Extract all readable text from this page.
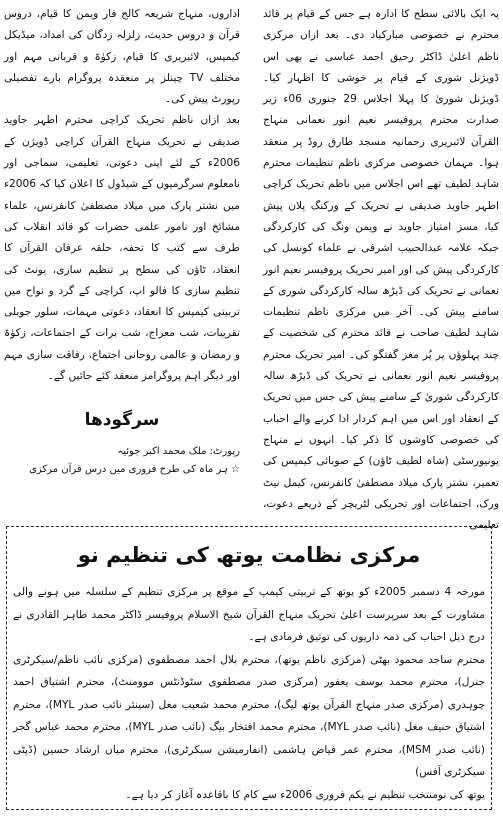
یہ ایک بالائی سطح کا ادارہ ہے جس کے قیام پر قائد محترم نے خصوصی مبارکباد دی۔ بعد ازاں مرکزی ناظم اعلیٰ ڈاکٹر رحیق احمد عباسی نے بھی اس ڈویژنل شوری کے قیام پر خوشی کا اظہار کیا۔ ڈویژنل شوریٰ کا پہلا اجلاس 29 جنوری 06ء زیر صدارت محترم پروفیسر نعیم انور نعمانی منہاج القرآن لائبریری رحمانیہ مسجد طارق روڈ پر منعقد ہوا۔ مہمان خصوصی مرکزی ناظم تنظیمات محترم شاہد لطیف تھے اس اجلاس میں ناظم تحریک کراچی اطہر جاوید صدیقی نے تحریک کے ورکنگ پلان پیش کیا، مسز امتیاز جاوید نے ویمن ونگ کی کارکردگی جبکہ علامہ عبدالحبیب اشرفی نے علماء کونسل کی کارکردگی پیش کی اور امیر تحریک پروفیسر نعیم انور نعمانی نے تحریک کی ڈیڑھ سالہ کارکردگی شوری کے سامنے پیش کی۔ آخر میں مرکزی ناظم تنظیمات شاہد لطیف صاحب نے قائد محترم کی شخصیت کے چند پہلوؤں پر پُر مغز گفتگو کی۔ امیر تحریک محترم پروفیسر نعیم انور نعمانی نے تحریک کی ڈیڑھ سالہ کارکردگی شوریٰ کے سامنے پیش کی جس میں تحریک کے انعقاد اور اس میں اہم کردار ادا کرنے والے احباب کی خصوصی کاوشوں کا ذکر کیا۔ انہوں نے منہاج یونیورسٹی (شاہ لطیف ٹاؤن) کے صوبائی کیمپس کی تعمیر، نشتر پارک میلاد مصطفیٰ کانفرنس، کیمل نیٹ ورک، اجتماعات اور تحریکی لٹریچر کے ذریعے دعوت، تعلیمی

اداروں، منہاج شریعہ کالج فار ویمن کا قیام، دروس قرآن و دروس حدیث، زلزلہ زدگان کی امداد، میڈیکل کیمپس، لائبریری کا قیام، زکوٰۃ و قربانی مہم اور مختلف TV چینلز پر منعقدہ پروگرام بارے تفصیلی رپورٹ پیش کی۔

بعد ازاں ناظم تحریک کراچی محترم اطہر جاوید صدیقی نے تحریک منہاج القرآن کراچی ڈویژن کے 2006ء کے لئے اپنی دعوتی، تعلیمی، سماجی اور نامعلوم سرگرمیوں کے شیڈول کا اعلان کیا کہ 2006ء میں نشتر پارک میں میلاد مصطفیٰ کانفرنس، علماء مشائخ اور نامور علمی حضرات کو قائد انقلاب کی طرف سے کتب کا تحفہ، حلقہ عرفان القرآن کا انعقاد، ٹاؤن کی سطح پر تنظیم سازی، یونٹ کی تنظیم سازی کا فالو اپ، کراچی کے گرد و نواح میں تربیتی کیمپس کا انعقاد، دعوتی مہمات، سلور جوبلی تقریبات، شب معراج، شب برات کے اجتماعات، زکوٰۃ و رمضان و عالمی روحانی اجتماع، رفاقت سازی مہم اور دیگر اہم پروگرامز منعقد کئے جائیں گے۔

سرگودھا
رپورٹ: ملک محمد اکبر جوئیہ
☆ ہر ماہ کی طرح فروری میں درس قرآن مرکزی
مرکزی نظامت یوتھ کی تنظیم نو

مورخہ 4 دسمبر 2005ء کو یوتھ کے تربیتی کیمپ کے موقع پر مرکزی تنظیم کے سلسلہ میں ہونے والی مشاورت کے بعد سرپرست اعلیٰ تحریک منہاج القرآن شیخ الاسلام پروفیسر ڈاکٹر محمد طاہر القادری نے درج ذیل احباب کی ذمہ داریوں کی توثیق فرمادی ہے۔

محترم ساجد محمود بھٹی (مرکزی ناظم یوتھ)، محترم بلال احمد مصطفوی (مرکزی نائب ناظم/سیکرٹری جنرل)، محترم محمد یوسف یعفور (مرکزی صدر مصطفوی سٹوڈنٹس موومنٹ)، محترم اشتیاق احمد چوہدری (مرکزی صدر منہاج القرآن یوتھ لیگ)، محترم محمد شعیب مغل (سینئر نائب صدر MYL)، محترم اشتیاق حنیف مغل (نائب صدر MYL)، محترم محمد افتخار بیگ (نائب صدر MYL)، محترم محمد عباس گجر (نائب صدر MSM)، محترم عمر فیاض ہاشمی (انفارمیشن سیکرٹری)، محترم میاں ارشاد حسین (ڈپٹی سیکرٹری آفس)

یوتھ کی نومنتخب تنظیم نے یکم فروری 2006ء سے کام کا باقاعدہ آغاز کر دیا ہے۔
